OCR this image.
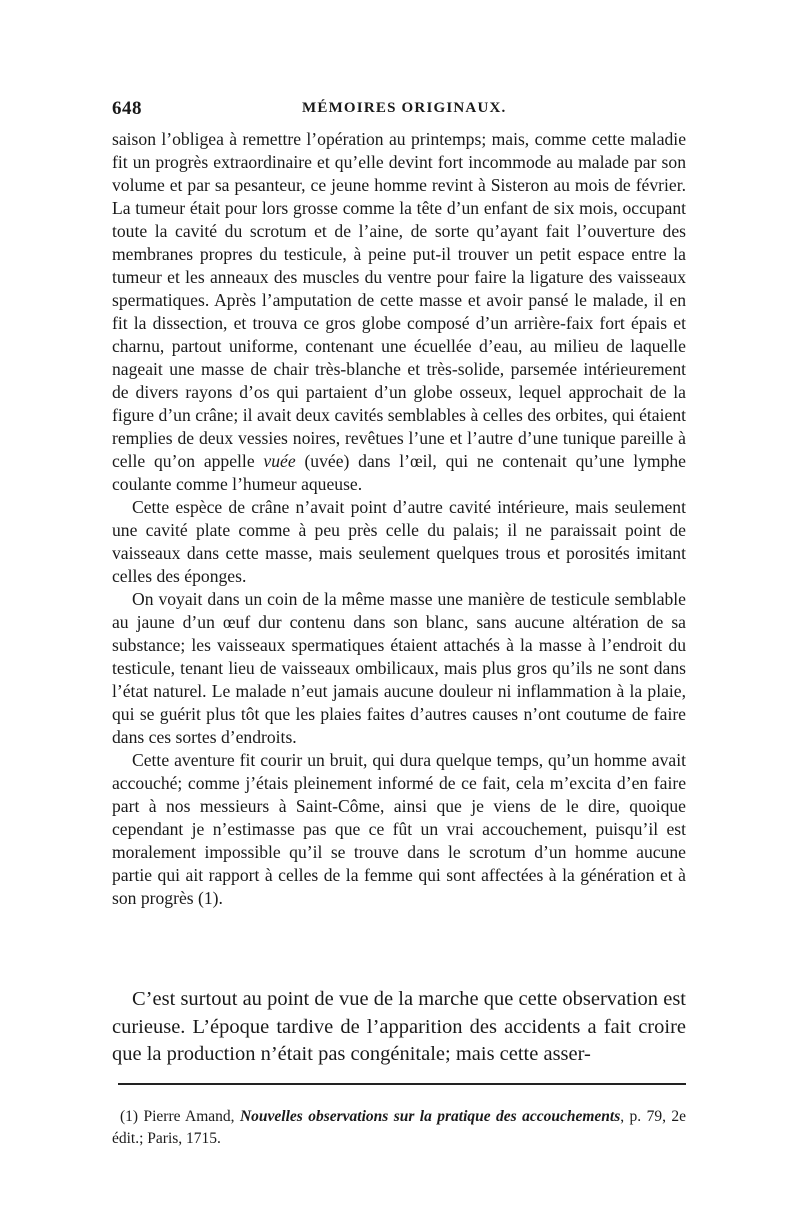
648	MÉMOIRES ORIGINAUX.

saison l’obligea à remettre l’opération au printemps; mais, comme cette maladie fit un progrès extraordinaire et qu’elle devint fort incommode au malade par son volume et par sa pesanteur, ce jeune homme revint à Sisteron au mois de février. La tumeur était pour lors grosse comme la tête d’un enfant de six mois, occupant toute la cavité du scrotum et de l’aine, de sorte qu’ayant fait l’ouverture des membranes propres du testicule, à peine put-il trouver un petit espace entre la tumeur et les anneaux des muscles du ventre pour faire la ligature des vaisseaux spermatiques. Après l’amputation de cette masse et avoir pansé le malade, il en fit la dissection, et trouva ce gros globe composé d’un arrière-faix fort épais et charnu, partout uniforme, contenant une écuellée d’eau, au milieu de laquelle nageait une masse de chair très-blanche et très-solide, parsemée intérieurement de divers rayons d’os qui partaient d’un globe osseux, lequel approchait de la figure d’un crâne; il avait deux cavités semblables à celles des orbites, qui étaient remplies de deux vessies noires, revêtues l’une et l’autre d’une tunique pareille à celle qu’on appelle vuée (uvée) dans l’œil, qui ne contenait qu’une lymphe coulante comme l’humeur aqueuse.

Cette espèce de crâne n’avait point d’autre cavité intérieure, mais seulement une cavité plate comme à peu près celle du palais; il ne paraissait point de vaisseaux dans cette masse, mais seulement quelques trous et porosités imitant celles des éponges.

On voyait dans un coin de la même masse une manière de testicule semblable au jaune d’un œuf dur contenu dans son blanc, sans aucune altération de sa substance; les vaisseaux spermatiques étaient attachés à la masse à l’endroit du testicule, tenant lieu de vaisseaux ombilicaux, mais plus gros qu’ils ne sont dans l’état naturel. Le malade n’eut jamais aucune douleur ni inflammation à la plaie, qui se guérit plus tôt que les plaies faites d’autres causes n’ont coutume de faire dans ces sortes d’endroits.

Cette aventure fit courir un bruit, qui dura quelque temps, qu’un homme avait accouché; comme j’étais pleinement informé de ce fait, cela m’excita d’en faire part à nos messieurs à Saint-Côme, ainsi que je viens de le dire, quoique cependant je n’estimasse pas que ce fût un vrai accouchement, puisqu’il est moralement impossible qu’il se trouve dans le scrotum d’un homme aucune partie qui ait rapport à celles de la femme qui sont affectées à la génération et à son progrès (1).

C’est surtout au point de vue de la marche que cette observation est curieuse. L’époque tardive de l’apparition des accidents a fait croire que la production n’était pas congénitale; mais cette asser-
(1) Pierre Amand, Nouvelles observations sur la pratique des accouchements, p. 79, 2e édit.; Paris, 1715.
